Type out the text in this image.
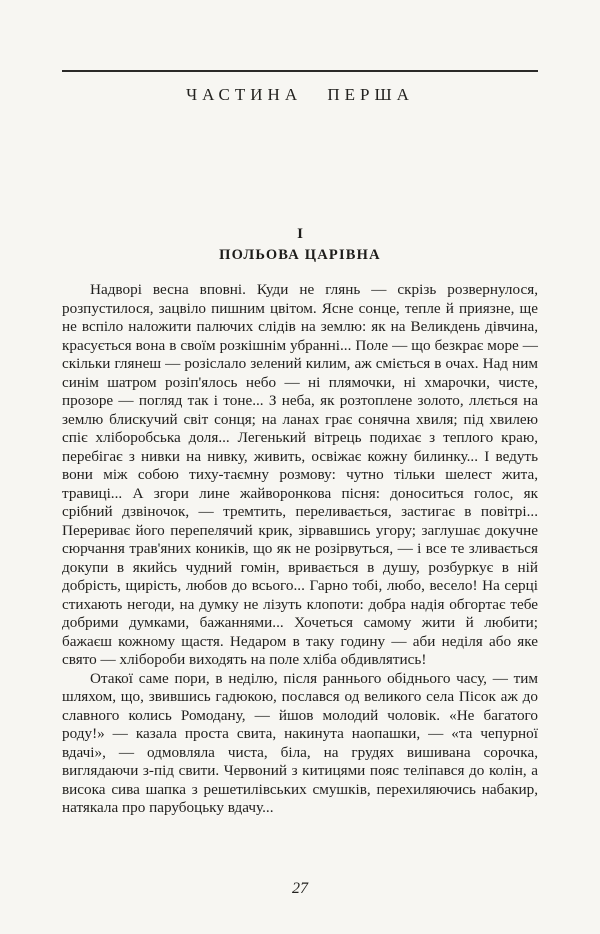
ЧАСТИНА ПЕРША
I
ПОЛЬОВА ЦАРІВНА

Надворі весна вповні. Куди не глянь — скрізь розвернулося, розпустилося, зацвіло пишним цвітом. Ясне сонце, тепле й приязне, ще не вспіло наложити палючих слідів на землю: як на Великдень дівчина, красується вона в своїм розкішнім убранні... Поле — що безкрає море — скільки глянеш — розіслало зелений килим, аж сміється в очах. Над ним синім шатром розіп'ялось небо — ні плямочки, ні хмарочки, чисте, прозоре — погляд так і тоне... З неба, як розтоплене золото, ллється на землю блискучий світ сонця; на ланах грає сонячна хвиля; під хвилею спіє хліборобська доля... Легенький вітрець подихає з теплого краю, перебігає з нивки на нивку, живить, освіжає кожну билинку... І ведуть вони між собою тиху-таємну розмову: чутно тільки шелест жита, травиці... А згори лине жайворонкова пісня: доноситься голос, як срібний дзвіночок, — тремтить, переливається, застигає в повітрі... Перериває його перепелячий крик, зірвавшись угору; заглушає докучне сюрчання трав'яних коників, що як не розірвуться, — і все те зливається докупи в якийсь чудний гомін, вривається в душу, розбуркує в ній добрість, щирість, любов до всього... Гарно тобі, любо, весело! На серці стихають негоди, на думку не лізуть клопоти: добра надія обгортає тебе добрими думками, бажаннями... Хочеться самому жити й любити; бажаєш кожному щастя. Недаром в таку годину — аби неділя або яке свято — хлібороби виходять на поле хліба обдивлятись!

Отакої саме пори, в неділю, після раннього обіднього часу, — тим шляхом, що, звившись гадюкою, послався од великого села Пісок аж до славного колись Ромодану, — йшов молодий чоловік. «Не багатого роду!» — казала проста свита, накинута наопашки, — «та чепурної вдачі», — одмовляла чиста, біла, на грудях вишивана сорочка, виглядаючи з-під свити. Червоний з китицями пояс теліпався до колін, а висока сива шапка з решетилівських смушків, перехиляючись набакир, натякала про парубоцьку вдачу...

27
